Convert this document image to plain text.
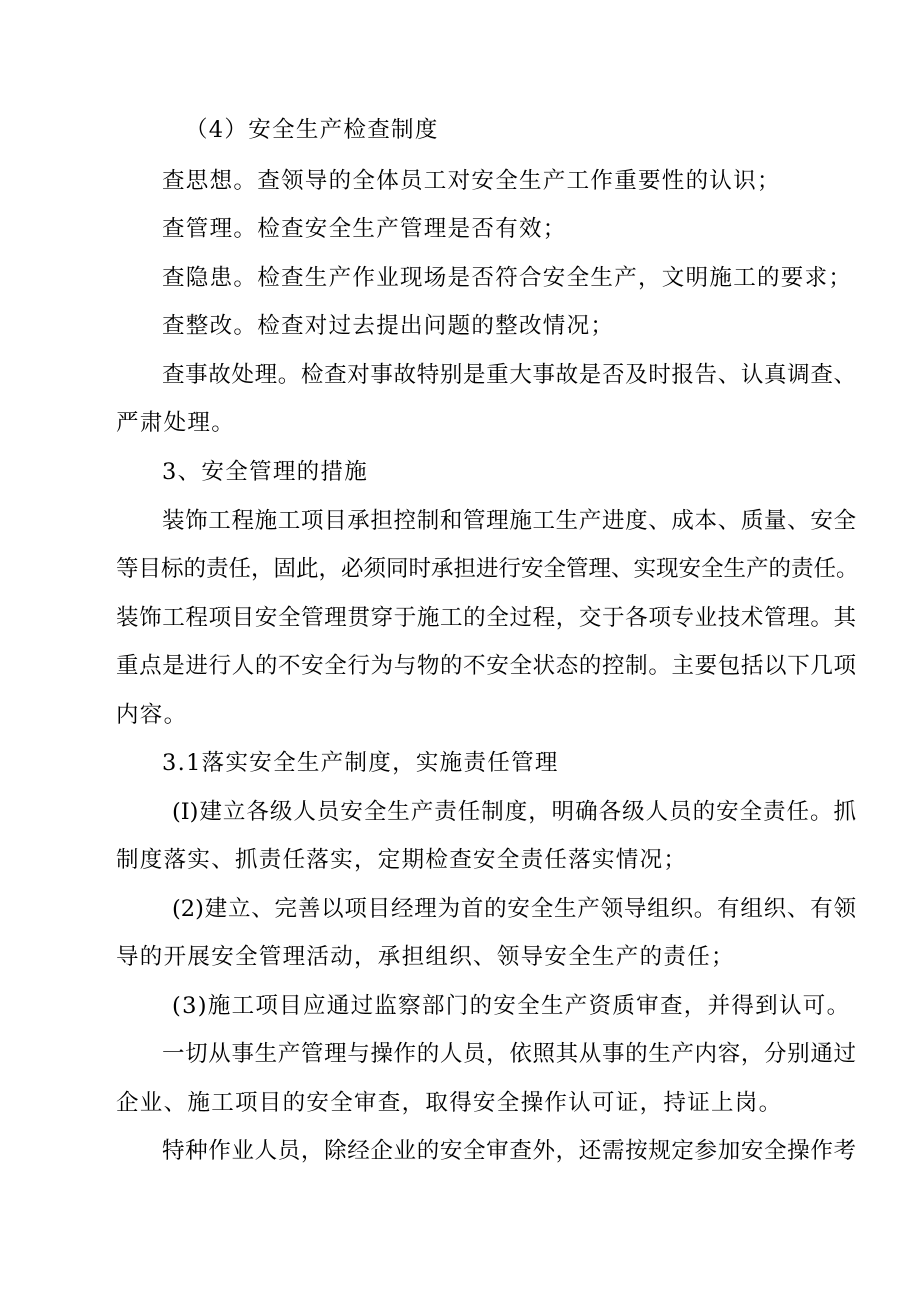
（4）安全生产检查制度
查思想。查领导的全体员工对安全生产工作重要性的认识；
查管理。检查安全生产管理是否有效；
查隐患。检查生产作业现场是否符合安全生产，文明施工的要求；
查整改。检查对过去提出问题的整改情况；
查事故处理。检查对事故特别是重大事故是否及时报告、认真调查、
严肃处理。
3、安全管理的措施
装饰工程施工项目承担控制和管理施工生产进度、成本、质量、安全
等目标的责任，固此，必须同时承担进行安全管理、实现安全生产的责任。
装饰工程项目安全管理贯穿于施工的全过程，交于各项专业技术管理。其
重点是进行人的不安全行为与物的不安全状态的控制。主要包括以下几项
内容。
3.1落实安全生产制度，实施责任管理
(I)建立各级人员安全生产责任制度，明确各级人员的安全责任。抓
制度落实、抓责任落实，定期检查安全责任落实情况；
(2)建立、完善以项目经理为首的安全生产领导组织。有组织、有领
导的开展安全管理活动，承担组织、领导安全生产的责任；
(3)施工项目应通过监察部门的安全生产资质审查，并得到认可。
一切从事生产管理与操作的人员，依照其从事的生产内容，分别通过
企业、施工项目的安全审查，取得安全操作认可证，持证上岗。
特种作业人员，除经企业的安全审查外，还需按规定参加安全操作考
